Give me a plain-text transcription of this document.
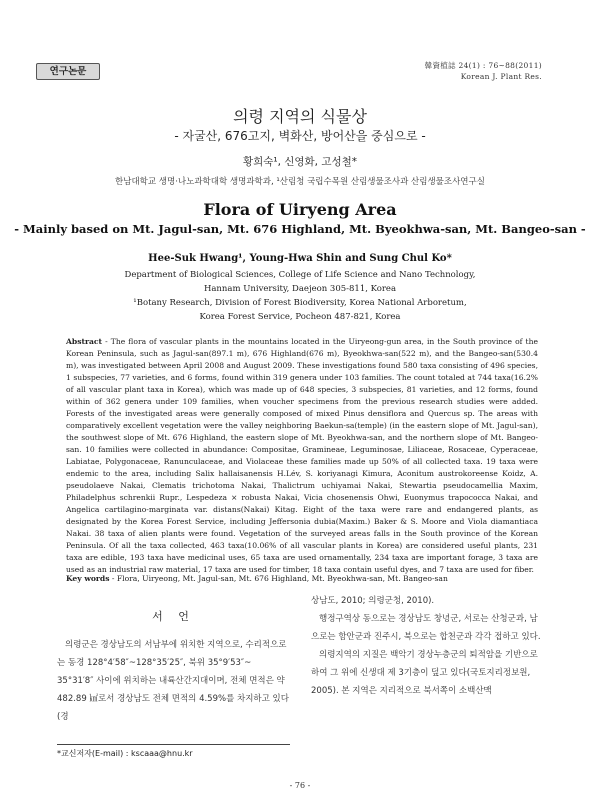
연구논문
韓資植誌 24(1) : 76~88(2011)
Korean J. Plant Res.
의령 지역의 식물상
- 자굴산, 676고지, 벽화산, 방어산을 중심으로 -
황희숙¹, 신영화, 고성철*
한남대학교 생명·나노과학대학 생명과학과, ¹산림청 국립수목원 산림생물조사과 산림생물조사연구실
Flora of Uiryeng Area
- Mainly based on Mt. Jagul-san, Mt. 676 Highland, Mt. Byeokhwa-san, Mt. Bangeo-san -
Hee-Suk Hwang¹, Young-Hwa Shin and Sung Chul Ko*
Department of Biological Sciences, College of Life Science and Nano Technology,
Hannam University, Daejeon 305-811, Korea
¹Botany Research, Division of Forest Biodiversity, Korea National Arboretum,
Korea Forest Service, Pocheon 487-821, Korea
Abstract - The flora of vascular plants in the mountains located in the Uiryeong-gun area, in the South province of the Korean Peninsula, such as Jagul-san(897.1 m), 676 Highland(676 m), Byeokhwa-san(522 m), and the Bangeo-san(530.4 m), was investigated between April 2008 and August 2009. These investigations found 580 taxa consisting of 496 species, 1 subspecies, 77 varieties, and 6 forms, found within 319 genera under 103 families. The count totaled at 744 taxa(16.2% of all vascular plant taxa in Korea), which was made up of 648 species, 3 subspecies, 81 varieties, and 12 forms, found within of 362 genera under 109 families, when voucher specimens from the previous research studies were added. Forests of the investigated areas were generally composed of mixed Pinus densiflora and Quercus sp. The areas with comparatively excellent vegetation were the valley neighboring Baekun-sa(temple) (in the eastern slope of Mt. Jagul-san), the southwest slope of Mt. 676 Highland, the eastern slope of Mt. Byeokhwa-san, and the northern slope of Mt. Bangeo-san. 10 families were collected in abundance: Compositae, Gramineae, Leguminosae, Liliaceae, Rosaceae, Cyperaceae, Labiatae, Polygonaceae, Ranunculaceae, and Violaceae these families made up 50% of all collected taxa. 19 taxa were endemic to the area, including Salix hallaisanensis H.Lév, S. koriyanagi Kimura, Aconitum austrokoreense Koidz, A. pseudolaeve Nakai, Clematis trichotoma Nakai, Thalictrum uchiyamai Nakai, Stewartia pseudocamellia Maxim, Philadelphus schrenkii Rupr., Lespedeza × robusta Nakai, Vicia chosenensis Ohwi, Euonymus trapococca Nakai, and Angelica cartilagino-marginata var. distans(Nakai) Kitag. Eight of the taxa were rare and endangered plants, as designated by the Korea Forest Service, including Jeffersonia dubia(Maxim.) Baker & S. Moore and Viola diamantiaca Nakai. 38 taxa of alien plants were found. Vegetation of the surveyed areas falls in the South province of the Korean Peninsula. Of all the taxa collected, 463 taxa(10.06% of all vascular plants in Korea) are considered useful plants, 231 taxa are edible, 193 taxa have medicinal uses, 65 taxa are used ornamentally, 234 taxa are important forage, 3 taxa are used as an industrial raw material, 17 taxa are used for timber, 18 taxa contain useful dyes, and 7 taxa are used for fiber.
Key words - Flora, Uiryeong, Mt. Jagul-san, Mt. 676 Highland, Mt. Byeokhwa-san, Mt. Bangeo-san
서 언

의령군은 경상남도의 서남부에 위치한 지역으로, 수리적으로는 동경 128°4′58″~128°35′25″, 북위 35°9′53″~ 35°31′8″ 사이에 위치하는 내륙산간지대이며, 전체 면적은 약 482.89 ㎢로서 경상남도 전체 면적의 4.59%를 차지하고 있다(경

상남도, 2010; 의령군청, 2010).

행정구역상 동으로는 경상남도 창녕군, 서로는 산청군과, 남으로는 함안군과 진주시, 북으로는 합천군과 각각 접하고 있다.

의령지역의 지질은 백악기 경상누층군의 퇴적암을 기반으로 하여 그 위에 신생대 제 3기층이 덮고 있다(국토지리정보원, 2005). 본 지역은 지리적으로 북서쪽이 소백산맥

*교신저자(E-mail) : kscaaa@hnu.kr
- 76 -
